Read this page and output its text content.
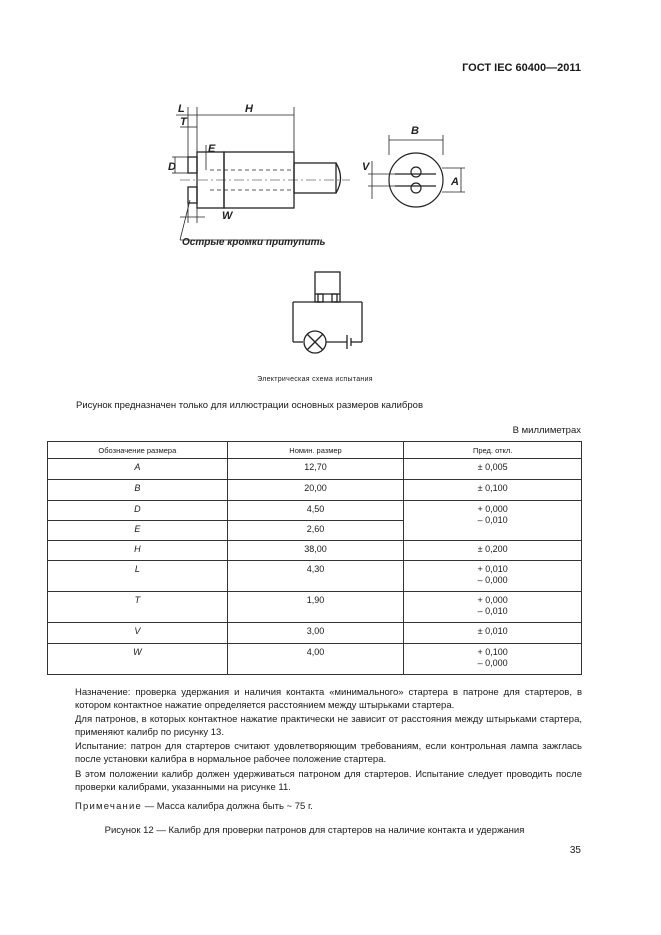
ГОСТ IEC 60400—2011
L	H
T
E
D
W
B
V
A
Острые кромки притупить
Электрическая схема испытания
Рисунок предназначен только для иллюстрации основных размеров калибров
В миллиметрах
Обозначение размера	Номин. размер	Пред. откл.
A	12,70	± 0,005
B	20,00	± 0,100
D	4,50	+ 0,000
– 0,010

E	2,60	
H	38,00	± 0,200
L	4,30	+ 0,010
– 0,000

T	1,90	+ 0,000
– 0,010

V	3,00	± 0,010
W	4,00	+ 0,100
– 0,000
Назначение: проверка удержания и наличия контакта «минимального» стартера в патроне для стартеров, в котором контактное нажатие определяется расстоянием между штырьками стартера.
Для патронов, в которых контактное нажатие практически не зависит от расстояния между штырьками стартера, применяют калибр по рисунку 13.
Испытание: патрон для стартеров считают удовлетворяющим требованиям, если контрольная лампа зажглась после установки калибра в нормальное рабочее положение стартера.
В этом положении калибр должен удерживаться патроном для стартеров. Испытание следует проводить после проверки калибрами, указанными на рисунке 11.
Примечание — Масса калибра должна быть ~ 75 г.
Рисунок 12 — Калибр для проверки патронов для стартеров на наличие контакта и удержания
35
